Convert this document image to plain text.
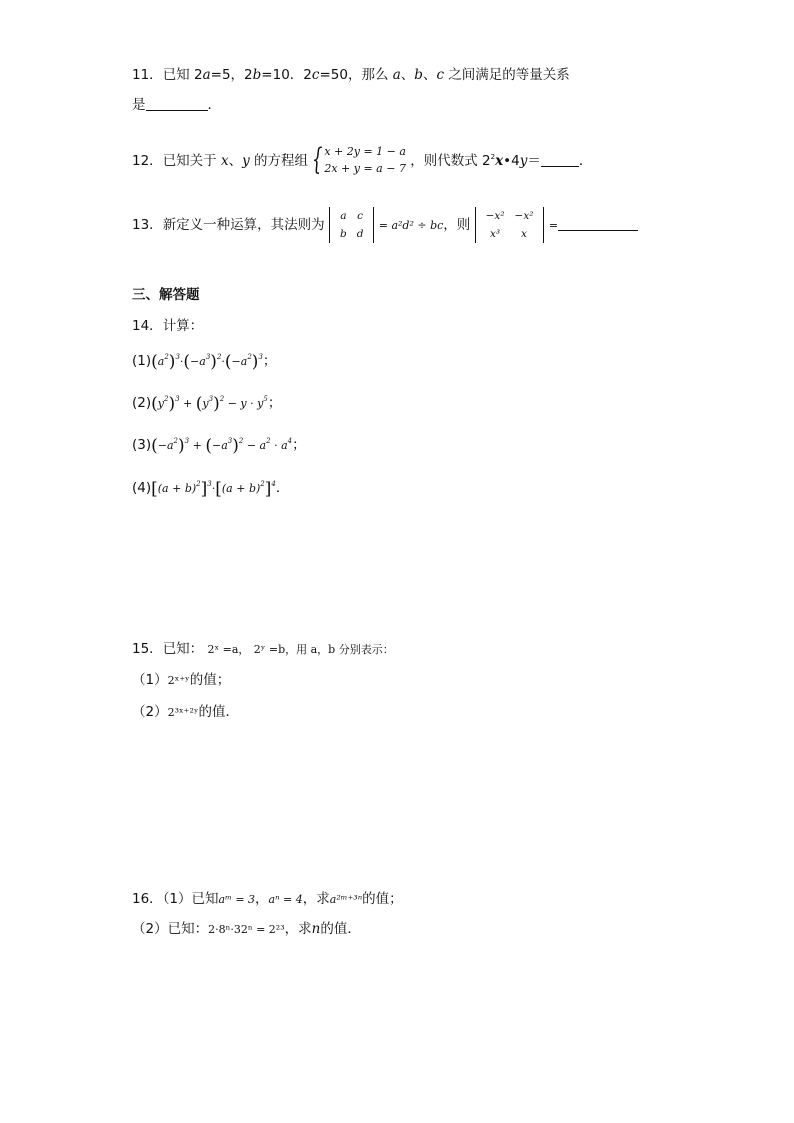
11．已知 2a=5，2b=10．2c=50，那么 a、b、c 之间满足的等量关系
是	．
12．已知关于 x、y 的方程组 { x + 2y = 1 − a
2x + y = a − 7 ，则代数式 $2^2x•4y=$	．
13．新定义一种运算，其法则为
a	c
b	d
= a²d² ÷ bc，则
−x²	−x²
x³	x
=
三、解答题
14．计算：
$(1)(a^2)^3\cdot(-a^3)^2\cdot(-a^2)^3$；
$(2)(y^2)^3 + (y^3)^2 - y \cdot y^5$；
$(3)(-a^2)^3 + (-a^3)^2 - a^2 \cdot a^4$；
$(4)[(a + b)^2]^3\cdot[(a + b)^2]^4$．
15．已知： 2ˣ =a， 2ʸ =b，用 a，b 分别表示：
（1）2ˣ⁺ʸ的值；
（2）2³ˣ⁺²ʸ的值．
16．（1）已知aᵐ = 3，aⁿ = 4，求a²ᵐ⁺³ⁿ的值；
（2）已知：2·8ⁿ·32ⁿ = 2²³，求n的值．
